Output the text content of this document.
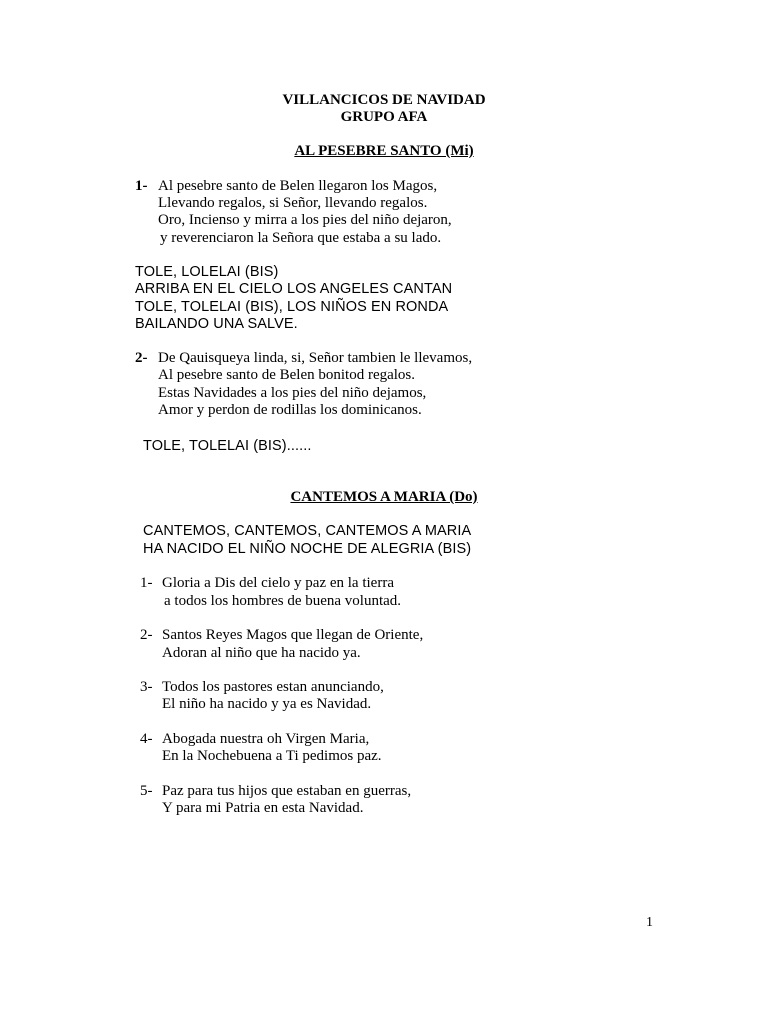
VILLANCICOS DE NAVIDAD
GRUPO AFA
AL PESEBRE SANTO (Mi)
1- Al pesebre santo de Belen llegaron los Magos,
Llevando regalos, si Señor, llevando regalos.
Oro, Incienso y mirra a los pies del niño dejaron,
y reverenciaron la Señora que estaba a su lado.
TOLE, LOLELAI (BIS)
ARRIBA EN EL CIELO LOS ANGELES CANTAN
TOLE, TOLELAI (BIS), LOS NIÑOS EN RONDA
BAILANDO UNA SALVE.
2- De Qauisqueya linda, si, Señor tambien le llevamos,
Al pesebre santo de Belen bonitod regalos.
Estas Navidades a los pies del niño dejamos,
Amor y perdon de rodillas los dominicanos.
TOLE, TOLELAI (BIS)......
CANTEMOS A MARIA (Do)
CANTEMOS, CANTEMOS, CANTEMOS A MARIA
HA NACIDO EL NIÑO NOCHE DE ALEGRIA (BIS)
1- Gloria a Dis del cielo y paz en la tierra
a todos los hombres de buena voluntad.
2- Santos Reyes Magos que llegan de Oriente,
Adoran al niño que ha nacido ya.
3- Todos los pastores estan anunciando,
El niño ha nacido y ya es Navidad.
4- Abogada nuestra oh Virgen Maria,
En la Nochebuena a Ti pedimos paz.
5- Paz para tus hijos que estaban en guerras,
Y para mi Patria en esta Navidad.
1
